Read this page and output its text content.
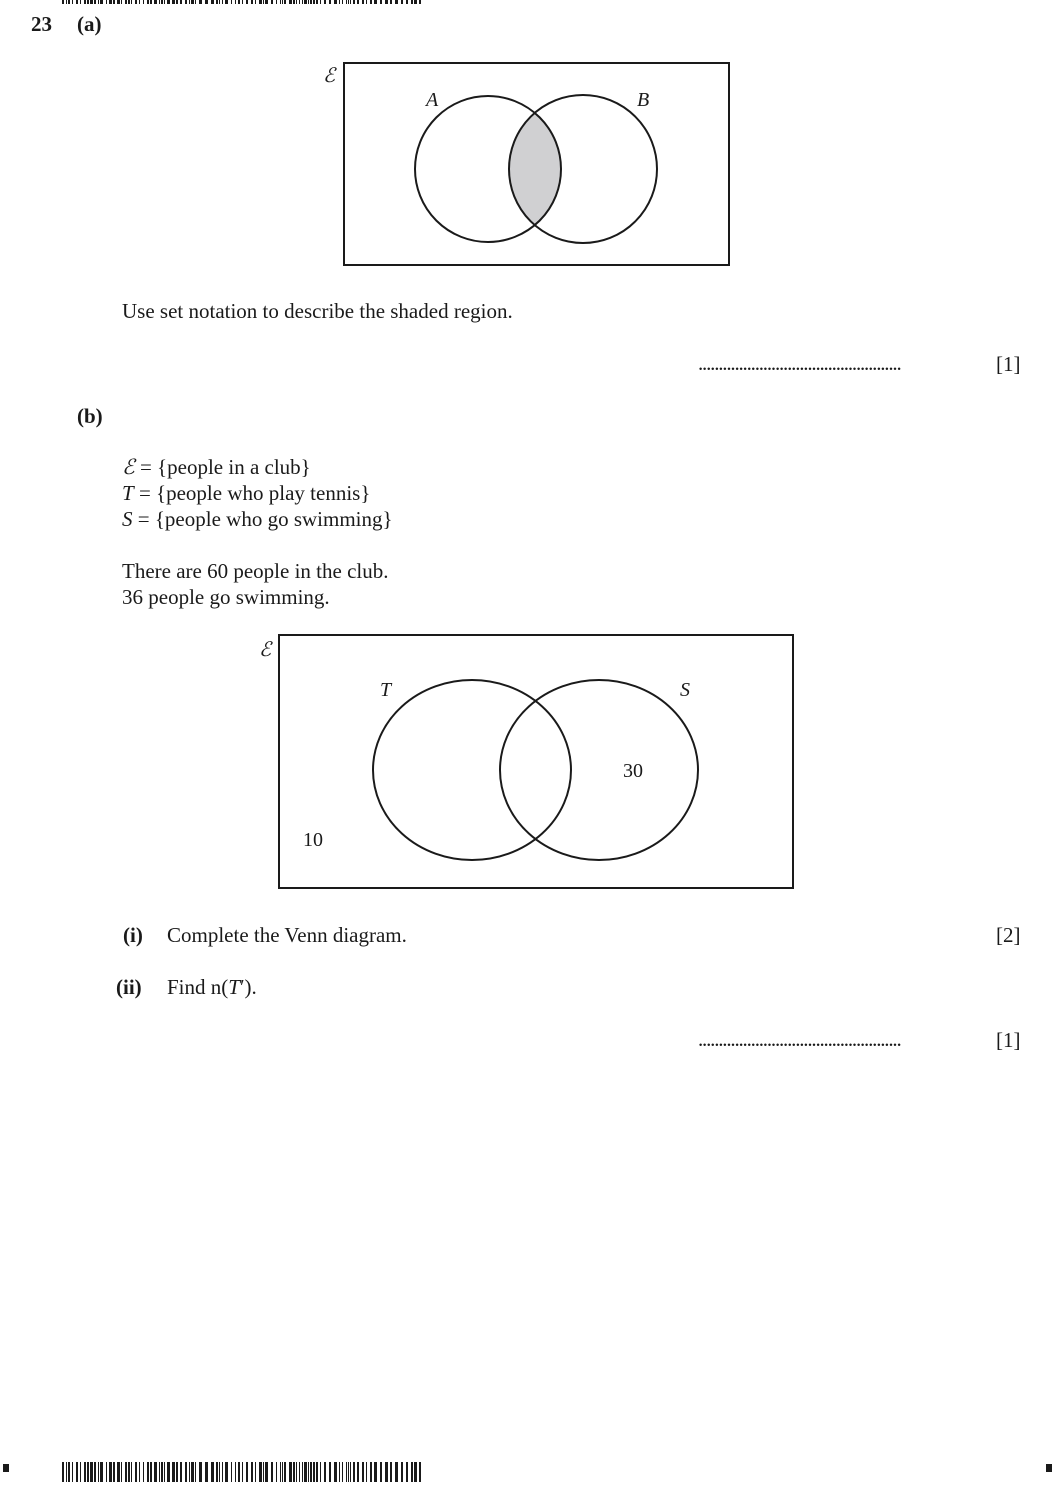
23 (a)
ℰ
A	B
Use set notation to describe the shaded region.
..................................................	[1]
(b)
ℰ = {people in a club}
T = {people who play tennis}
S = {people who go swimming}
There are 60 people in the club.
36 people go swimming.
ℰ
T	S
30
10
(i) Complete the Venn diagram.	[2]
(ii) Find n(T′).
..................................................	[1]
